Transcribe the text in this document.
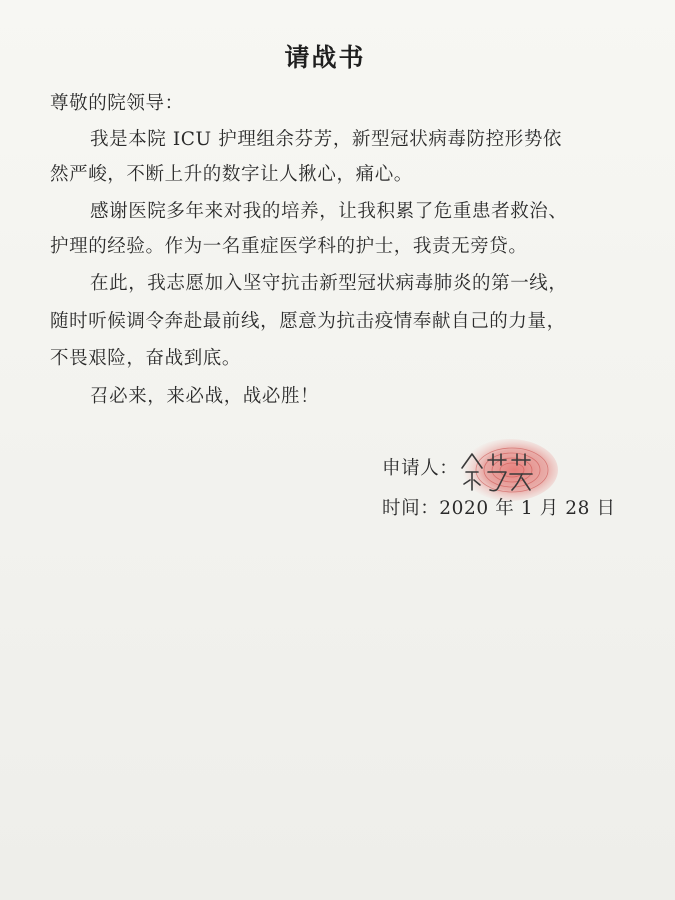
请战书
尊敬的院领导：
我是本院 ICU 护理组余芬芳，新型冠状病毒防控形势依
然严峻，不断上升的数字让人揪心，痛心。
感谢医院多年来对我的培养，让我积累了危重患者救治、
护理的经验。作为一名重症医学科的护士，我责无旁贷。
在此，我志愿加入坚守抗击新型冠状病毒肺炎的第一线，
随时听候调令奔赴最前线，愿意为抗击疫情奉献自己的力量，
不畏艰险，奋战到底。
召必来，来必战，战必胜！
申请人：
时间：2020 年 1 月 28 日
